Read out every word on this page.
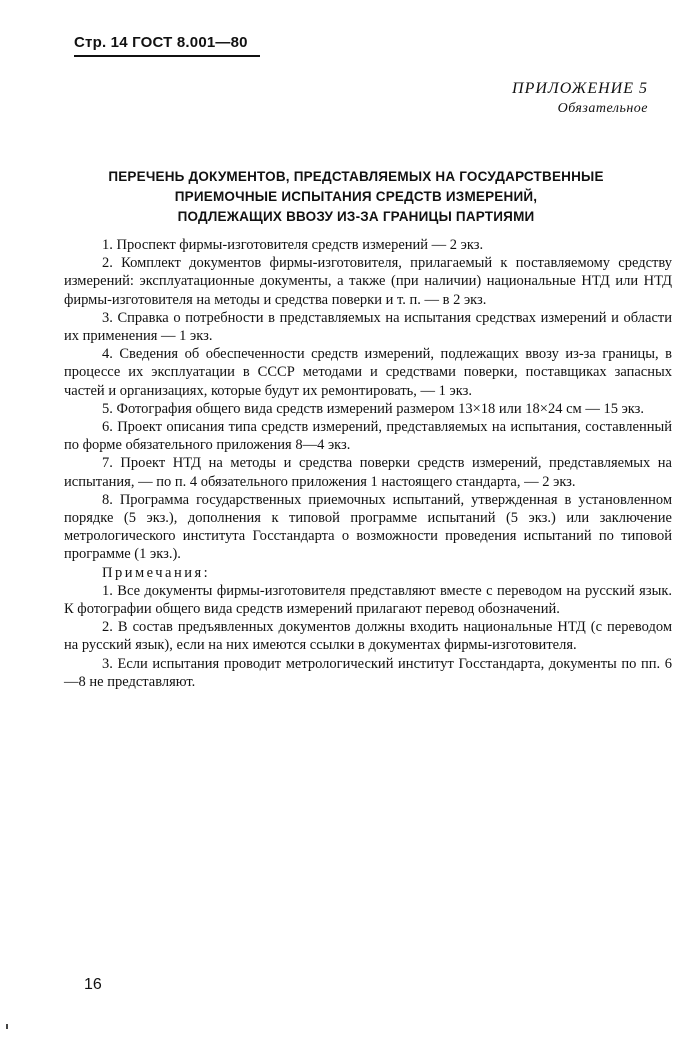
Стр. 14 ГОСТ 8.001—80
ПРИЛОЖЕНИЕ 5
Обязательное
ПЕРЕЧЕНЬ ДОКУМЕНТОВ, ПРЕДСТАВЛЯЕМЫХ НА ГОСУДАРСТВЕННЫЕ
ПРИЕМОЧНЫЕ ИСПЫТАНИЯ СРЕДСТВ ИЗМЕРЕНИЙ,
ПОДЛЕЖАЩИХ ВВОЗУ ИЗ-ЗА ГРАНИЦЫ ПАРТИЯМИ

1. Проспект фирмы-изготовителя средств измерений — 2 экз.

2. Комплект документов фирмы-изготовителя, прилагаемый к поставляемому средству измерений: эксплуатационные документы, а также (при наличии) национальные НТД или НТД фирмы-изготовителя на методы и средства поверки и т. п. — в 2 экз.

3. Справка о потребности в представляемых на испытания средствах измерений и области их применения — 1 экз.

4. Сведения об обеспеченности средств измерений, подлежащих ввозу из-за границы, в процессе их эксплуатации в СССР методами и средствами поверки, поставщиках запасных частей и организациях, которые будут их ремонтировать, — 1 экз.

5. Фотография общего вида средств измерений размером 13×18 или 18×24 см — 15 экз.

6. Проект описания типа средств измерений, представляемых на испытания, составленный по форме обязательного приложения 8—4 экз.

7. Проект НТД на методы и средства поверки средств измерений, представляемых на испытания, — по п. 4 обязательного приложения 1 настоящего стандарта, — 2 экз.

8. Программа государственных приемочных испытаний, утвержденная в установленном порядке (5 экз.), дополнения к типовой программе испытаний (5 экз.) или заключение метрологического института Госстандарта о возможности проведения испытаний по типовой программе (1 экз.).

Примечания:

1. Все документы фирмы-изготовителя представляют вместе с переводом на русский язык. К фотографии общего вида средств измерений прилагают перевод обозначений.

2. В состав предъявленных документов должны входить национальные НТД (с переводом на русский язык), если на них имеются ссылки в документах фирмы-изготовителя.

3. Если испытания проводит метрологический институт Госстандарта, документы по пп. 6—8 не представляют.

16
